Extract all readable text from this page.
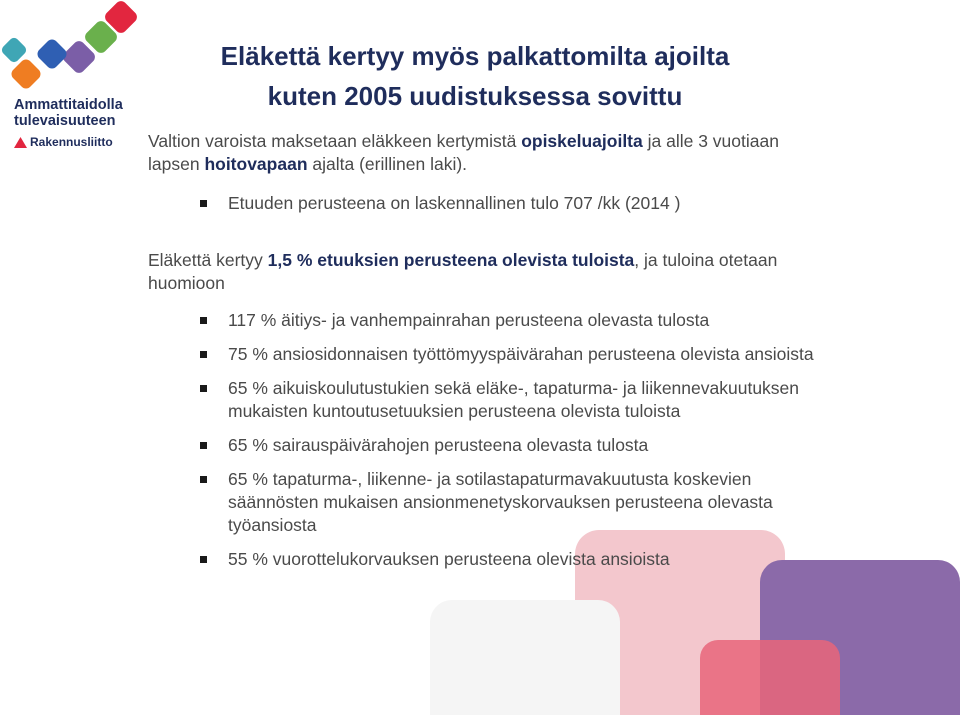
Ammattitaidolla
tulevaisuuteen
Rakennusliitto
Eläkettä kertyy myös palkattomilta ajoilta
kuten 2005 uudistuksessa sovittu

Valtion varoista maksetaan eläkkeen kertymistä opiskeluajoilta ja alle 3 vuotiaan lapsen hoitovapaan ajalta (erillinen laki).

Etuuden perusteena on laskennallinen tulo 707 /kk (2014 )

Eläkettä kertyy 1,5 % etuuksien perusteena olevista tuloista, ja tuloina otetaan huomioon

117 % äitiys- ja vanhempainrahan perusteena olevasta tulosta
75 % ansiosidonnaisen työttömyyspäivärahan perusteena olevista ansioista
65 % aikuiskoulutustukien sekä eläke-, tapaturma- ja liikennevakuutuksen mukaisten kuntoutusetuuksien perusteena olevista tuloista
65 % sairauspäivärahojen perusteena olevasta tulosta
65 % tapaturma-, liikenne- ja sotilastapaturmavakuutusta koskevien säännösten mukaisen ansionmenetyskorvauksen perusteena olevasta työansiosta
55 % vuorottelukorvauksen perusteena olevista ansioista
